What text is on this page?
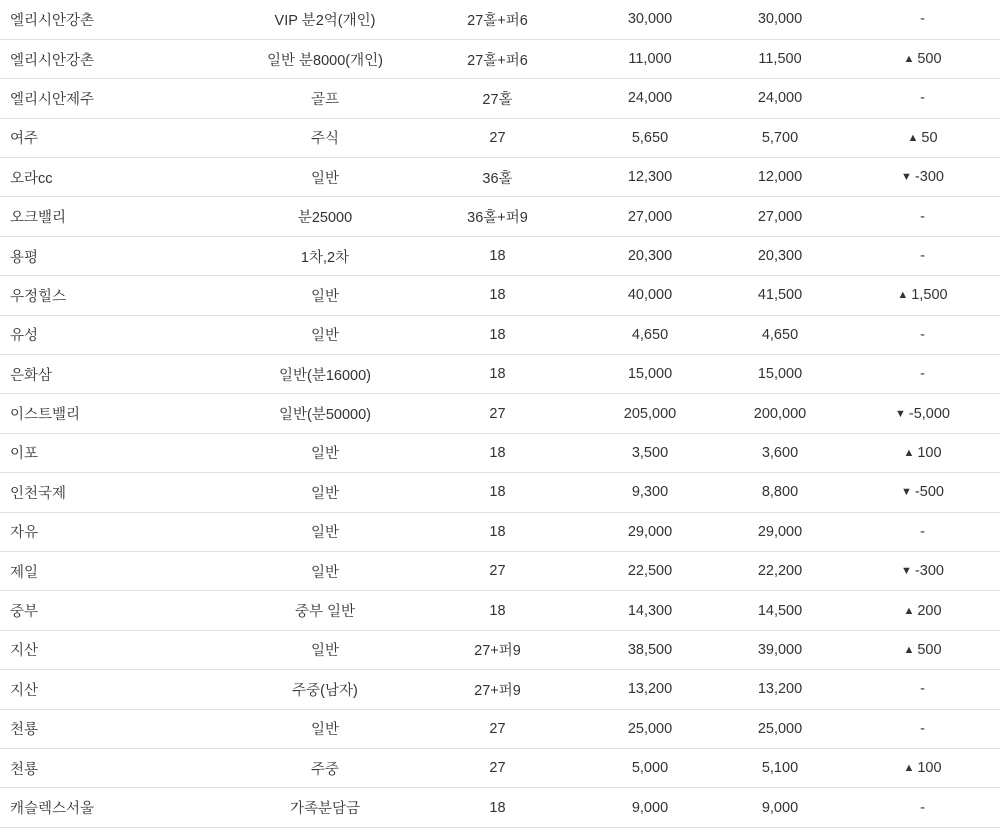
엘리시안강촌	VIP 분2억(개인)	27홀+퍼6	30,000	30,000	-
엘리시안강촌	일반 분8000(개인)	27홀+퍼6	11,000	11,500	▲ 500
엘리시안제주	골프	27홀	24,000	24,000	-
여주	주식	27	5,650	5,700	▲ 50
오라cc	일반	36홀	12,300	12,000	▼ -300
오크밸리	분25000	36홀+퍼9	27,000	27,000	-
용평	1차,2차	18	20,300	20,300	-
우정힐스	일반	18	40,000	41,500	▲ 1,500
유성	일반	18	4,650	4,650	-
은화삼	일반(분16000)	18	15,000	15,000	-
이스트밸리	일반(분50000)	27	205,000	200,000	▼ -5,000
이포	일반	18	3,500	3,600	▲ 100
인천국제	일반	18	9,300	8,800	▼ -500
자유	일반	18	29,000	29,000	-
제일	일반	27	22,500	22,200	▼ -300
중부	중부 일반	18	14,300	14,500	▲ 200
지산	일반	27+퍼9	38,500	39,000	▲ 500
지산	주중(남자)	27+퍼9	13,200	13,200	-
천룡	일반	27	25,000	25,000	-
천룡	주중	27	5,000	5,100	▲ 100
캐슬렉스서울	가족분담금	18	9,000	9,000	-
